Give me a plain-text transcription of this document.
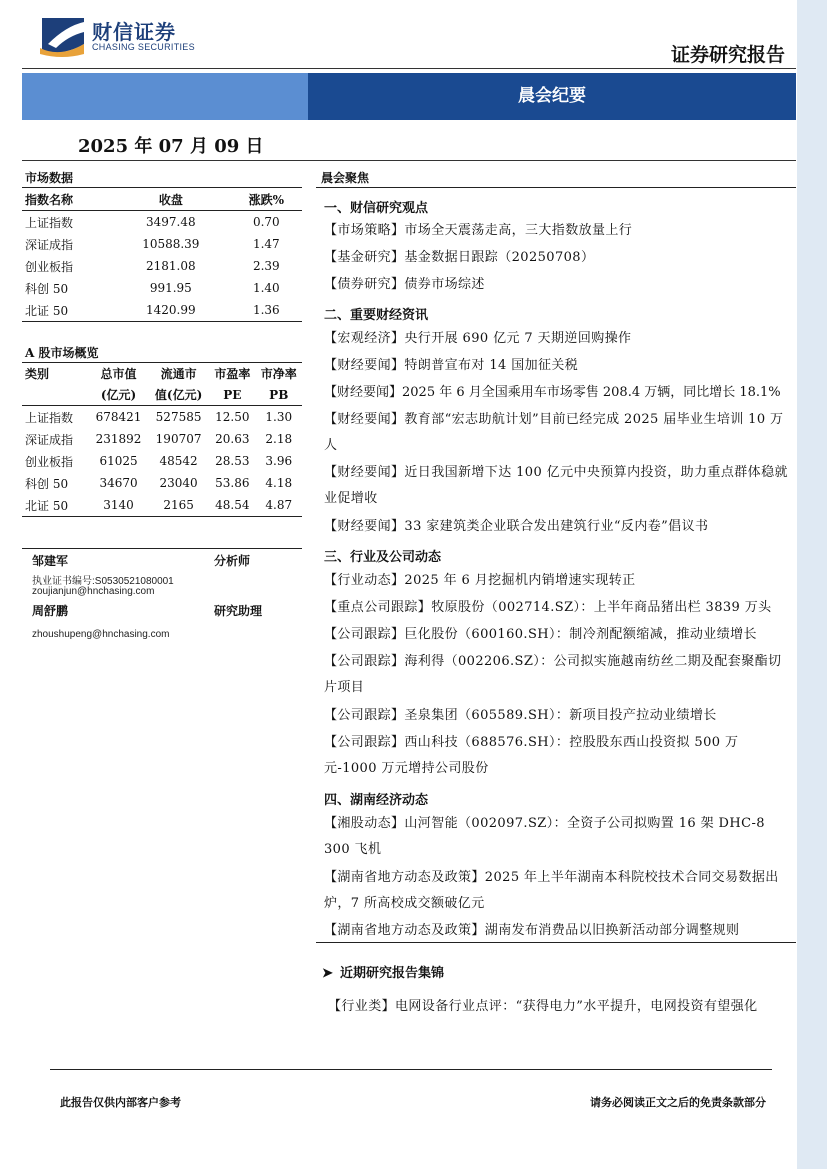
财信证券
CHASING SECURITIES	证券研究报告
晨会纪要
2025 年 07 月 09 日
市场数据
指数名称	收盘	涨跌%
上证指数	3497.48	0.70
深证成指	10588.39	1.47
创业板指	2181.08	2.39
科创 50	991.95	1.40
北证 50	1420.99	1.36
A 股市场概览
类别	总市值	流通市	市盈率	市净率
	(亿元)	值(亿元)	PE	PB
上证指数	678421	527585	12.50	1.30
深证成指	231892	190707	20.63	2.18
创业板指	61025	48542	28.53	3.96
科创 50	34670	23040	53.86	4.18
北证 50	3140	2165	48.54	4.87
邹建军	分析师
执业证书编号:S0530521080001
zoujianjun@hnchasing.com
周舒鹏	研究助理
zhoushupeng@hnchasing.com
晨会聚焦
一、财信研究观点
【市场策略】市场全天震荡走高，三大指数放量上行
【基金研究】基金数据日跟踪（20250708）
【债券研究】债券市场综述
二、重要财经资讯
【宏观经济】央行开展 690 亿元 7 天期逆回购操作
【财经要闻】特朗普宣布对 14 国加征关税
【财经要闻】2025 年 6 月全国乘用车市场零售 208.4 万辆，同比增长 18.1%
【财经要闻】教育部“宏志助航计划”目前已经完成 2025 届毕业生培训 10 万人
【财经要闻】近日我国新增下达 100 亿元中央预算内投资，助力重点群体稳就业促增收
【财经要闻】33 家建筑类企业联合发出建筑行业“反内卷”倡议书
三、行业及公司动态
【行业动态】2025 年 6 月挖掘机内销增速实现转正
【重点公司跟踪】牧原股份（002714.SZ）：上半年商品猪出栏 3839 万头
【公司跟踪】巨化股份（600160.SH）：制冷剂配额缩减，推动业绩增长
【公司跟踪】海利得（002206.SZ）：公司拟实施越南纺丝二期及配套聚酯切片项目
【公司跟踪】圣泉集团（605589.SH）：新项目投产拉动业绩增长
【公司跟踪】西山科技（688576.SH）：控股股东西山投资拟 500 万元-1000 万元增持公司股份
四、湖南经济动态
【湘股动态】山河智能（002097.SZ）：全资子公司拟购置 16 架 DHC-8 300 飞机
【湖南省地方动态及政策】2025 年上半年湖南本科院校技术合同交易数据出炉，7 所高校成交额破亿元
【湖南省地方动态及政策】湖南发布消费品以旧换新活动部分调整规则
➤ 近期研究报告集锦
【行业类】电网设备行业点评：“获得电力”水平提升，电网投资有望强化
此报告仅供内部客户参考	请务必阅读正文之后的免责条款部分
